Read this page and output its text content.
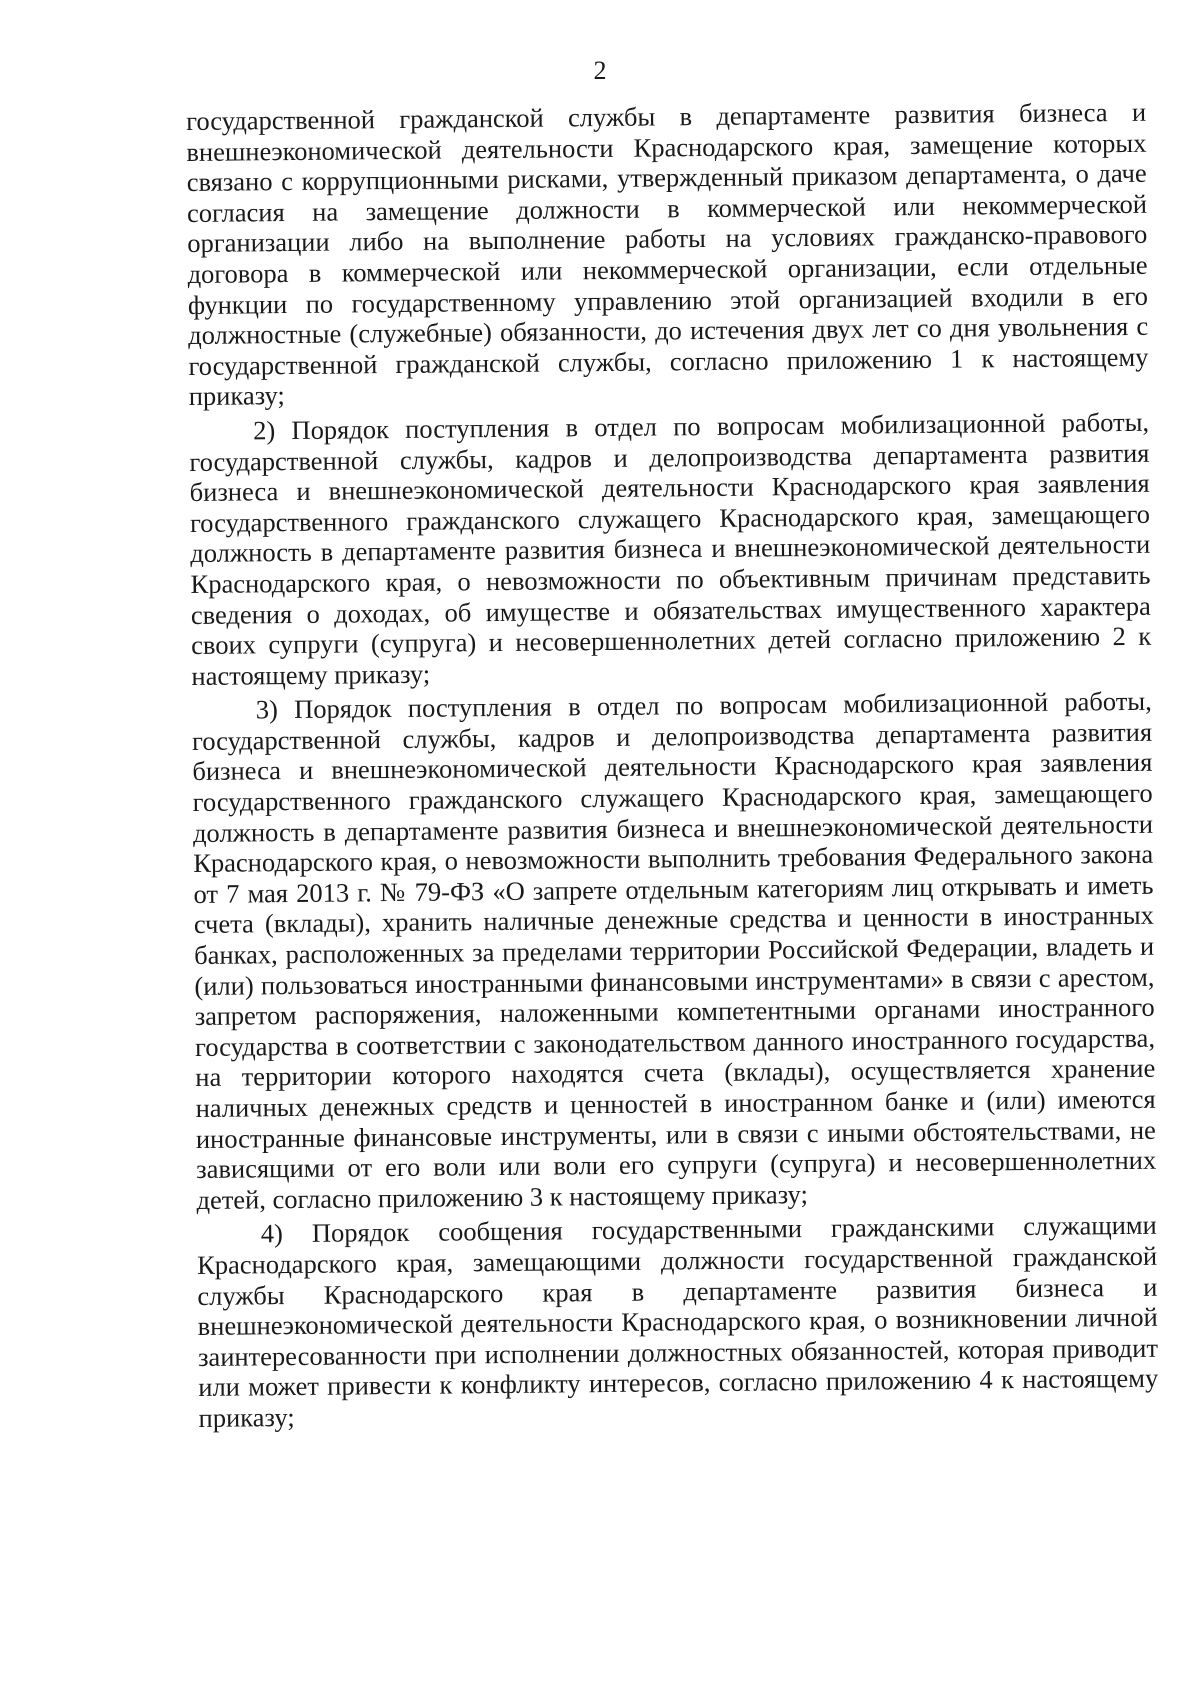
2

государственной гражданской службы в департаменте развития бизнеса и внешнеэкономической деятельности Краснодарского края, замещение которых связано с коррупционными рисками, утвержденный приказом департамента, о даче согласия на замещение должности в коммерческой или некоммерческой организации либо на выполнение работы на условиях гражданско-правового договора в коммерческой или некоммерческой организации, если отдельные функции по государственному управлению этой организацией входили в его должностные (служебные) обязанности, до истечения двух лет со дня увольнения с государственной гражданской службы, согласно приложению 1 к настоящему приказу;

2) Порядок поступления в отдел по вопросам мобилизационной работы, государственной службы, кадров и делопроизводства департамента развития бизнеса и внешнеэкономической деятельности Краснодарского края заявления государственного гражданского служащего Краснодарского края, замещающего должность в департаменте развития бизнеса и внешнеэкономической деятельности Краснодарского края, о невозможности по объективным причинам представить сведения о доходах, об имуществе и обязательствах имущественного характера своих супруги (супруга) и несовершеннолетних детей согласно приложению 2 к настоящему приказу;

3) Порядок поступления в отдел по вопросам мобилизационной работы, государственной службы, кадров и делопроизводства департамента развития бизнеса и внешнеэкономической деятельности Краснодарского края заявления государственного гражданского служащего Краснодарского края, замещающего должность в департаменте развития бизнеса и внешнеэкономической деятельности Краснодарского края, о невозможности выполнить требования Федерального закона от 7 мая 2013 г. № 79-ФЗ «О запрете отдельным категориям лиц открывать и иметь счета (вклады), хранить наличные денежные средства и ценности в иностранных банках, расположенных за пределами территории Российской Федерации, владеть и (или) пользоваться иностранными финансовыми инструментами» в связи с арестом, запретом распоряжения, наложенными компетентными органами иностранного государства в соответствии с законодательством данного иностранного государства, на территории которого находятся счета (вклады), осуществляется хранение наличных денежных средств и ценностей в иностранном банке и (или) имеются иностранные финансовые инструменты, или в связи с иными обстоятельствами, не зависящими от его воли или воли его супруги (супруга) и несовершеннолетних детей, согласно приложению 3 к настоящему приказу;

4) Порядок сообщения государственными гражданскими служащими Краснодарского края, замещающими должности государственной гражданской службы Краснодарского края в департаменте развития бизнеса и внешнеэкономической деятельности Краснодарского края, о возникновении личной заинтересованности при исполнении должностных обязанностей, которая приводит или может привести к конфликту интересов, согласно приложению 4 к настоящему приказу;
